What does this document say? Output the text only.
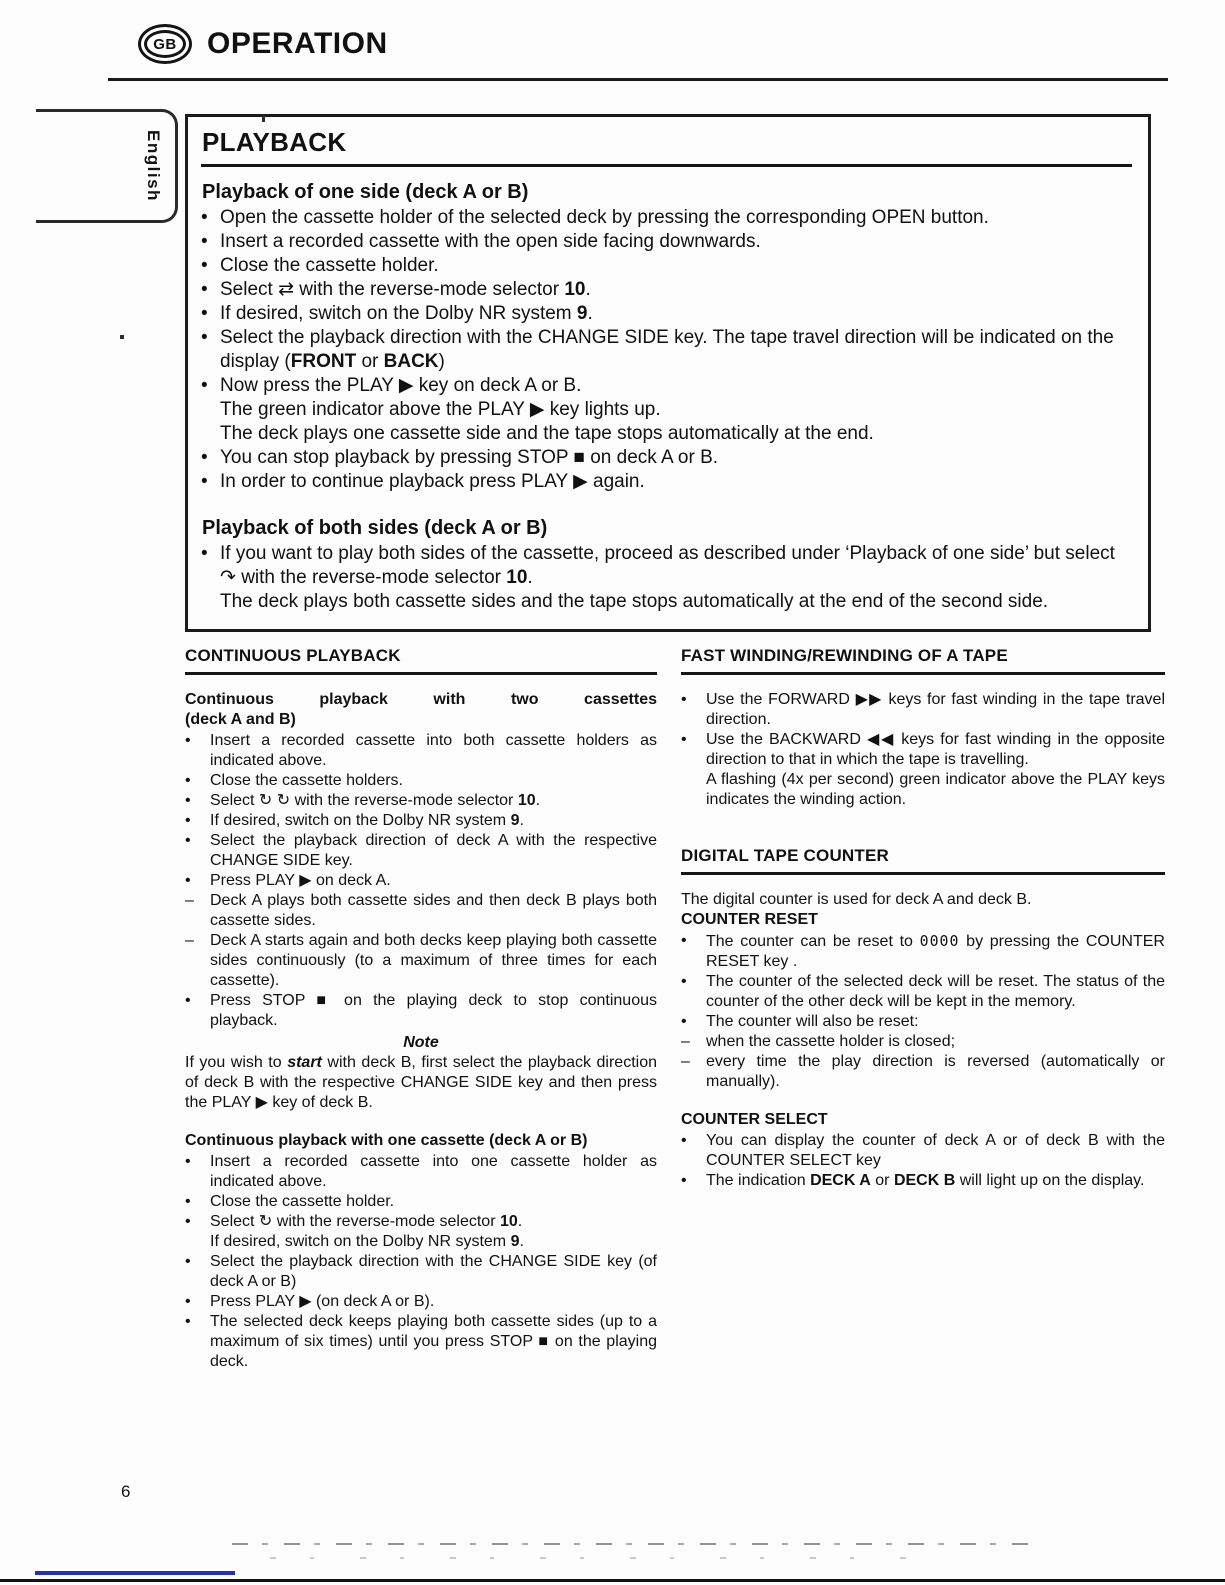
GB	OPERATION
English PLAYBACK
Playback of one side (deck A or B)
• Open the cassette holder of the selected deck by pressing the corresponding OPEN button.
• Insert a recorded cassette with the open side facing downwards.
• Close the cassette holder.
• Select ⇄ with the reverse-mode selector 10.
• If desired, switch on the Dolby NR system 9.
• Select the playback direction with the CHANGE SIDE key. The tape travel direction will be indicated on the display (FRONT or BACK)
• Now press the PLAY ▶ key on deck A or B.
The green indicator above the PLAY ▶ key lights up.
The deck plays one cassette side and the tape stops automatically at the end.
• You can stop playback by pressing STOP ■ on deck A or B.
• In order to continue playback press PLAY ▶ again.
Playback of both sides (deck A or B)
• If you want to play both sides of the cassette, proceed as described under ‘Playback of one side’ but select ↷ with the reverse-mode selector 10.
The deck plays both cassette sides and the tape stops automatically at the end of the second side.
CONTINUOUS PLAYBACK
Continuous playback with two cassettes
(deck A and B)
•	Insert a recorded cassette into both cassette holders as indicated above.
•	Close the cassette holders.
•	Select ↻ ↻ with the reverse-mode selector 10.
•	If desired, switch on the Dolby NR system 9.
•	Select the playback direction of deck A with the respective CHANGE SIDE key.
•	Press PLAY ▶ on deck A.
–	Deck A plays both cassette sides and then deck B plays both cassette sides.
–	Deck A starts again and both decks keep playing both cassette sides continuously (to a maximum of three times for each cassette).
•	Press STOP ■ on the playing deck to stop continuous playback.
Note

If you wish to start with deck B, first select the playback direction of deck B with the respective CHANGE SIDE key and then press the PLAY ▶ key of deck B.

Continuous playback with one cassette (deck A or B)
•	Insert a recorded cassette into one cassette holder as indicated above.
•	Close the cassette holder.
•	Select ↻ with the reverse-mode selector 10.
If desired, switch on the Dolby NR system 9.
•	Select the playback direction with the CHANGE SIDE key (of deck A or B)
•	Press PLAY ▶ (on deck A or B).
•	The selected deck keeps playing both cassette sides (up to a maximum of six times) until you press STOP ■ on the playing deck.
FAST WINDING/REWINDING OF A TAPE
•	Use the FORWARD ▶▶ keys for fast winding in the tape travel direction.
•	Use the BACKWARD ◀◀ keys for fast winding in the opposite direction to that in which the tape is travelling.
A flashing (4x per second) green indicator above the PLAY keys indicates the winding action.
DIGITAL TAPE COUNTER

The digital counter is used for deck A and deck B.

COUNTER RESET
•	The counter can be reset to 0000 by pressing the COUNTER RESET key .
•	The counter of the selected deck will be reset. The status of the counter of the other deck will be kept in the memory.
•	The counter will also be reset:
–	when the cassette holder is closed;
–	every time the play direction is reversed (automatically or manually).
COUNTER SELECT
•	You can display the counter of deck A or of deck B with the COUNTER SELECT key
•	The indication DECK A or DECK B will light up on the display.
6
